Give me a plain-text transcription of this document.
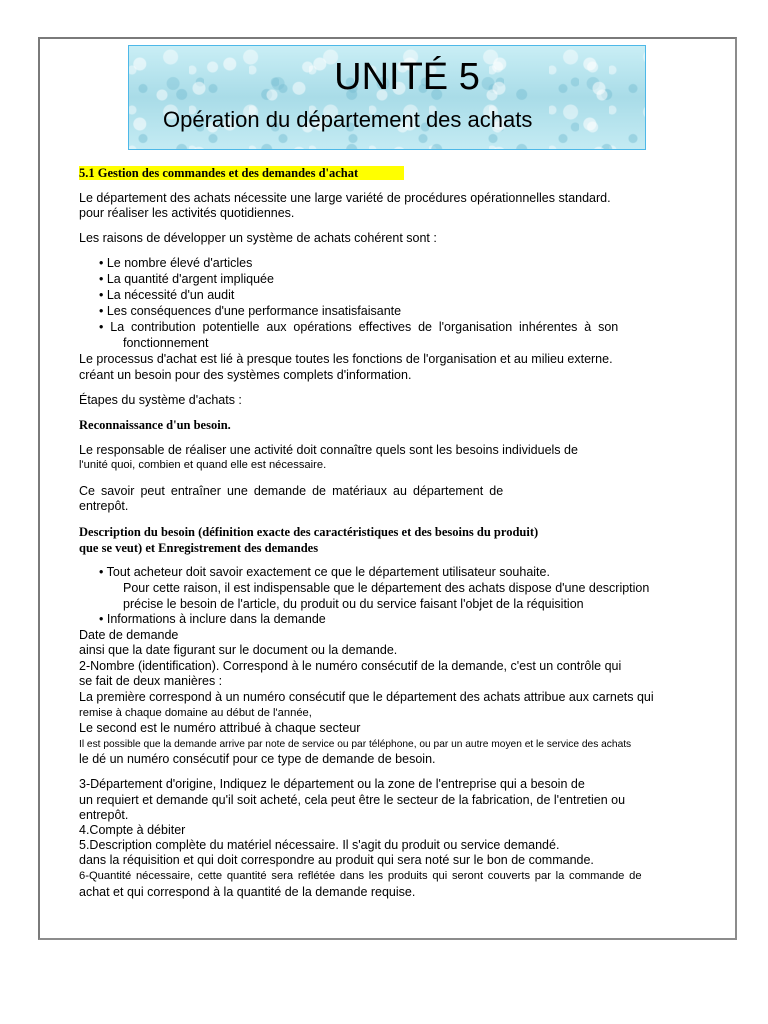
UNITÉ 5
Opération du département des achats
5.1 Gestion des commandes et des demandes d'achat
Le département des achats nécessite une large variété de procédures opérationnelles standard.
pour réaliser les activités quotidiennes.
Les raisons de développer un système de achats cohérent sont :
• Le nombre élevé d'articles
• La quantité d'argent impliquée
• La nécessité d'un audit
• Les conséquences d'une performance insatisfaisante
• La contribution potentielle aux opérations effectives de l'organisation inhérentes à son
fonctionnement
Le processus d'achat est lié à presque toutes les fonctions de l'organisation et au milieu externe.
créant un besoin pour des systèmes complets d'information.
Étapes du système d'achats :
Reconnaissance d'un besoin.
Le responsable de réaliser une activité doit connaître quels sont les besoins individuels de
l'unité quoi, combien et quand elle est nécessaire.
Ce savoir peut entraîner une demande de matériaux au département de
entrepôt.
Description du besoin (définition exacte des caractéristiques et des besoins du produit)
que se veut) et Enregistrement des demandes
• Tout acheteur doit savoir exactement ce que le département utilisateur souhaite.
Pour cette raison, il est indispensable que le département des achats dispose d'une description
précise le besoin de l'article, du produit ou du service faisant l'objet de la réquisition
• Informations à inclure dans la demande
Date de demande
ainsi que la date figurant sur le document ou la demande.
2-Nombre (identification). Correspond à le numéro consécutif de la demande, c'est un contrôle qui
se fait de deux manières :
La première correspond à un numéro consécutif que le département des achats attribue aux carnets qui
remise à chaque domaine au début de l'année,
Le second est le numéro attribué à chaque secteur
Il est possible que la demande arrive par note de service ou par téléphone, ou par un autre moyen et le service des achats
le dé un numéro consécutif pour ce type de demande de besoin.
3-Département d'origine, Indiquez le département ou la zone de l'entreprise qui a besoin de
un requiert et demande qu'il soit acheté, cela peut être le secteur de la fabrication, de l'entretien ou
entrepôt.
4.Compte à débiter
5.Description complète du matériel nécessaire. Il s'agit du produit ou service demandé.
dans la réquisition et qui doit correspondre au produit qui sera noté sur le bon de commande.
6-Quantité nécessaire, cette quantité sera reflétée dans les produits qui seront couverts par la commande de
achat et qui correspond à la quantité de la demande requise.
